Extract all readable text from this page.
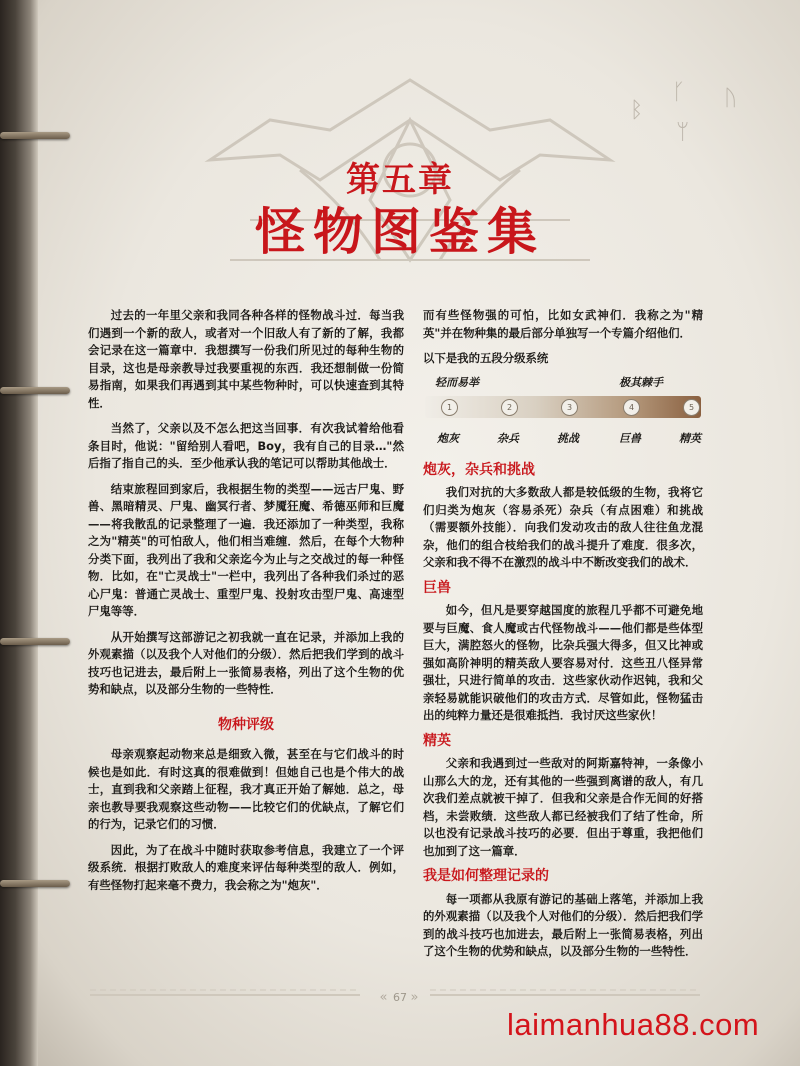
ᛒ
ᚴ
ᛘ
ᚢ
第五章
怪物图鉴集

过去的一年里父亲和我同各种各样的怪物战斗过．每当我们遇到一个新的敌人，或者对一个旧敌人有了新的了解，我都会记录在这一篇章中．我想撰写一份我们所见过的每种生物的目录，这也是母亲教导过我要重视的东西．我还想制做一份简易指南，如果我们再遇到其中某些物种时，可以快速查到其特性．

当然了，父亲以及不怎么把这当回事．有次我试着给他看条目时，他说："留给别人看吧，Boy，我有自己的目录…"然后指了指自己的头．至少他承认我的笔记可以帮助其他战士．

结束旅程回到家后，我根据生物的类型——远古尸鬼、野兽、黑暗精灵、尸鬼、幽冥行者、梦魇狂魔、希德巫师和巨魔——将我散乱的记录整理了一遍．我还添加了一种类型，我称之为"精英"的可怕敌人，他们相当难缠．然后，在每个大物种分类下面，我列出了我和父亲迄今为止与之交战过的每一种怪物．比如，在"亡灵战士"一栏中，我列出了各种我们杀过的恶心尸鬼：普通亡灵战士、重型尸鬼、投射攻击型尸鬼、高速型尸鬼等等．

从开始撰写这部游记之初我就一直在记录，并添加上我的外观素描（以及我个人对他们的分级）．然后把我们学到的战斗技巧也记进去，最后附上一张简易表格，列出了这个生物的优势和缺点，以及部分生物的一些特性．

物种评级

母亲观察起动物来总是细致入微，甚至在与它们战斗的时候也是如此．有时这真的很难做到！但她自己也是个伟大的战士，直到我和父亲踏上征程，我才真正开始了解她．总之，母亲也教导要我观察这些动物——比较它们的优缺点，了解它们的行为，记录它们的习惯．

因此，为了在战斗中随时获取参考信息，我建立了一个评级系统．根据打败敌人的难度来评估每种类型的敌人．例如，有些怪物打起来毫不费力，我会称之为"炮灰"．

而有些怪物强的可怕，比如女武神们．我称之为"精英"并在物种集的最后部分单独写一个专篇介绍他们．

以下是我的五段分级系统

轻而易举	极其棘手
1	2	3	4	5
炮灰	杂兵	挑战	巨兽	精英
炮灰，杂兵和挑战

我们对抗的大多数敌人都是较低级的生物，我将它们归类为炮灰（容易杀死）杂兵（有点困难）和挑战（需要额外技能）．向我们发动攻击的敌人往往鱼龙混杂，他们的组合枝给我们的战斗提升了难度．很多次，父亲和我不得不在激烈的战斗中不断改变我们的战术．

巨兽

如今，但凡是要穿越国度的旅程几乎都不可避免地要与巨魔、食人魔或古代怪物战斗——他们都是些体型巨大，满腔怒火的怪物，比杂兵强大得多，但又比神或强如高阶神明的精英敌人要容易对付．这些丑八怪异常强壮，只进行简单的攻击．这些家伙动作迟钝，我和父亲轻易就能识破他们的攻击方式．尽管如此，怪物猛击出的纯粹力量还是很难抵挡．我讨厌这些家伙！

精英

父亲和我遇到过一些敌对的阿斯嘉特神，一条像小山那么大的龙，还有其他的一些强到离谱的敌人，有几次我们差点就被干掉了．但我和父亲是合作无间的好搭档，未尝败绩．这些敌人都已经被我们了结了性命，所以也没有记录战斗技巧的必要．但出于尊重，我把他们也加到了这一篇章．

我是如何整理记录的

每一项都从我原有游记的基础上落笔，并添加上我的外观素描（以及我个人对他们的分级）．然后把我们学到的战斗技巧也加进去，最后附上一张简易表格，列出了这个生物的优势和缺点，以及部分生物的一些特性．

« 67 »
laimanhua88.com
